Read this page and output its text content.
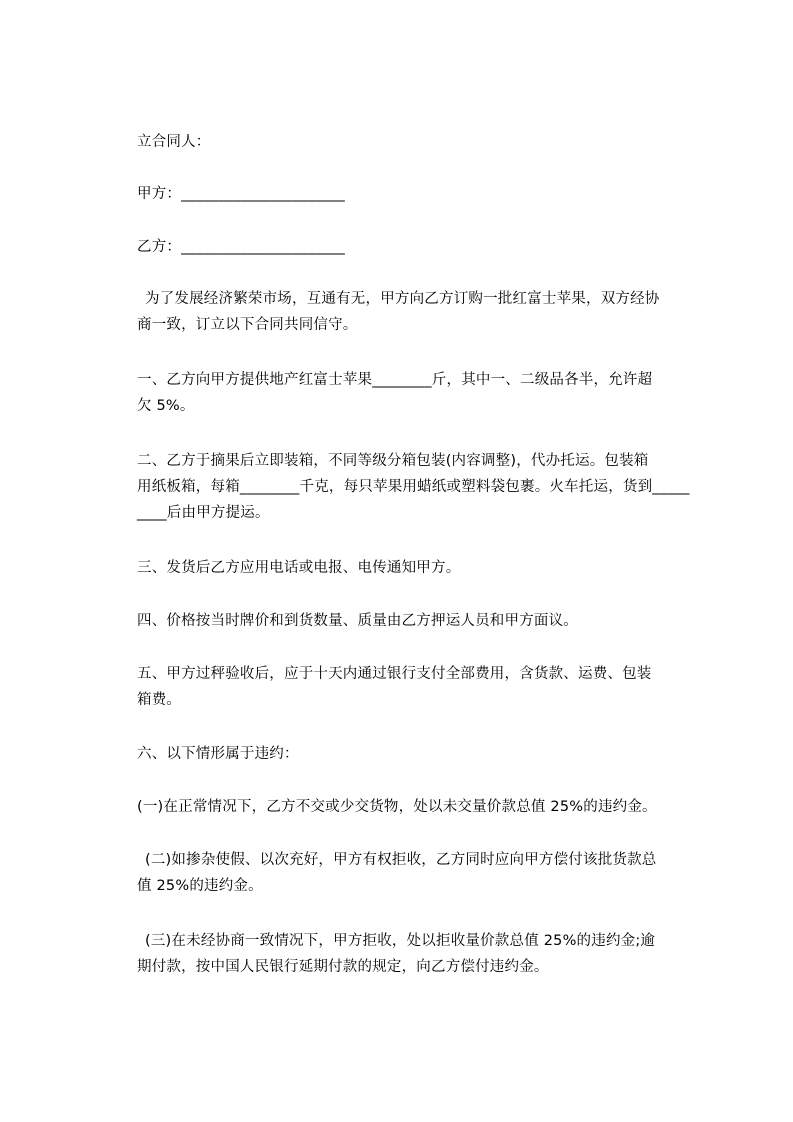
立合同人：
甲方：______________________
乙方：______________________
为了发展经济繁荣市场，互通有无，甲方向乙方订购一批红富士苹果，双方经协
商一致，订立以下合同共同信守。
一、乙方向甲方提供地产红富士苹果________斤，其中一、二级品各半，允许超
欠 5%。
二、乙方于摘果后立即装箱，不同等级分箱包装(内容调整)，代办托运。包装箱
用纸板箱，每箱________千克，每只苹果用蜡纸或塑料袋包裹。火车托运，货到_____
____后由甲方提运。
三、发货后乙方应用电话或电报、电传通知甲方。
四、价格按当时牌价和到货数量、质量由乙方押运人员和甲方面议。
五、甲方过秤验收后，应于十天内通过银行支付全部费用，含货款、运费、包装
箱费。
六、以下情形属于违约：
(一)在正常情况下，乙方不交或少交货物，处以未交量价款总值 25%的违约金。
(二)如掺杂使假、以次充好，甲方有权拒收，乙方同时应向甲方偿付该批货款总
值 25%的违约金。
(三)在未经协商一致情况下，甲方拒收，处以拒收量价款总值 25%的违约金;逾
期付款，按中国人民银行延期付款的规定，向乙方偿付违约金。
